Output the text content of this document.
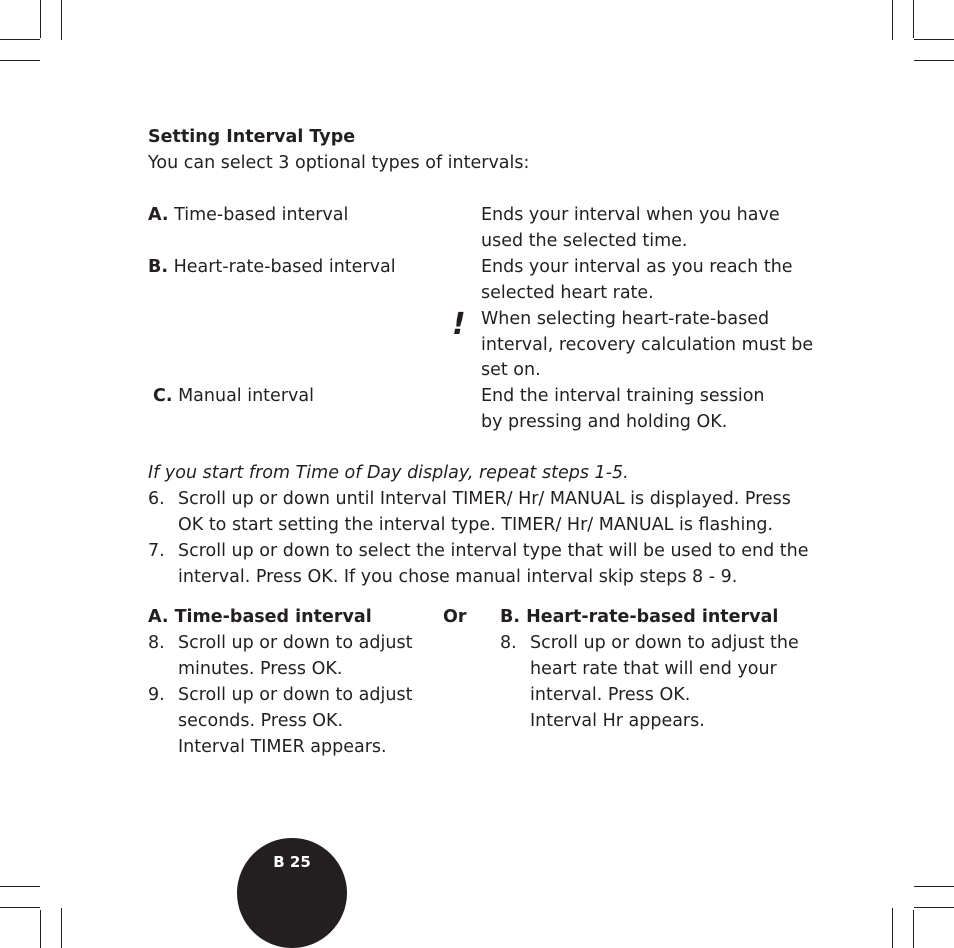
Setting Interval Type
You can select 3 optional types of intervals:
A. Time-based interval	Ends your interval when you have
used the selected time.
B. Heart-rate-based interval	Ends your interval as you reach the
selected heart rate.
! When selecting heart-rate-based
interval, recovery calculation must be
set on.
C. Manual interval	End the interval training session
by pressing and holding OK.
If you start from Time of Day display, repeat steps 1-5.
6. Scroll up or down until Interval TIMER/ Hr/ MANUAL is displayed. Press
OK to start setting the interval type. TIMER/ Hr/ MANUAL is flashing.
7. Scroll up or down to select the interval type that will be used to end the
interval. Press OK. If you chose manual interval skip steps 8 - 9.
A. Time-based interval
8. Scroll up or down to adjust
minutes. Press OK.
9. Scroll up or down to adjust
seconds. Press OK.
Interval TIMER appears.
Or B. Heart-rate-based interval
8. Scroll up or down to adjust the
heart rate that will end your
interval. Press OK.
Interval Hr appears.
B 25
